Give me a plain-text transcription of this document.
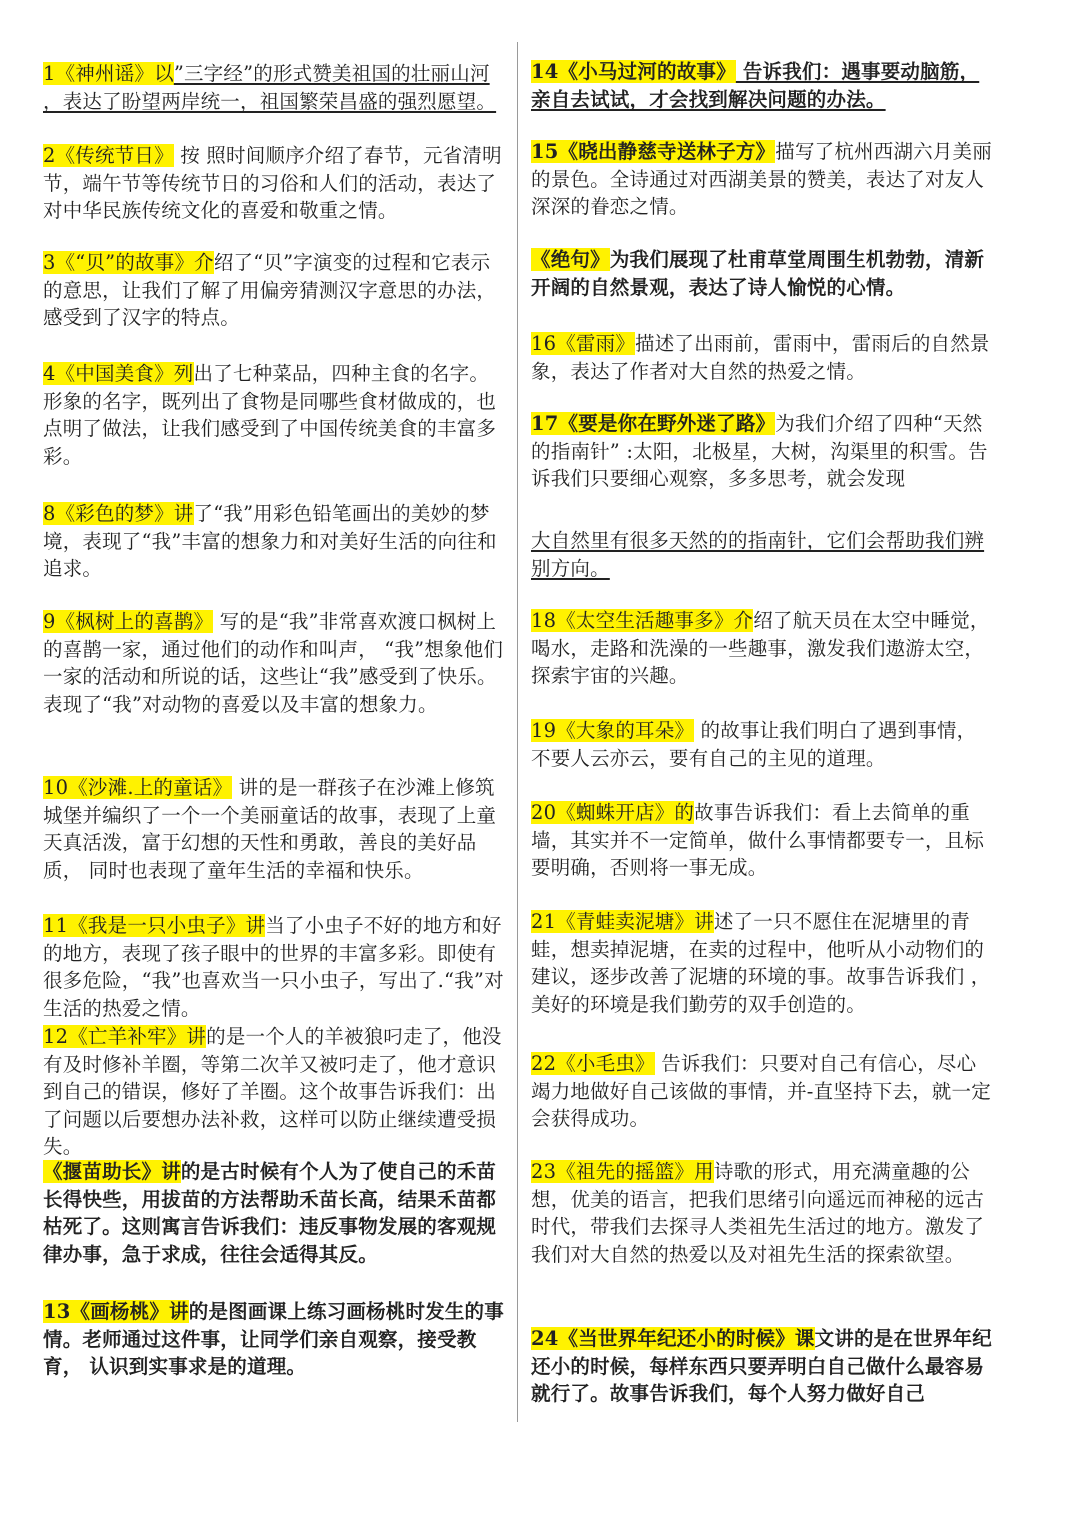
1《神州谣》以”三字经”的形式赞美祖国的壮丽山河 ，表达了盼望两岸统一，祖国繁荣昌盛的强烈愿望。
2《传统节日》 按 照时间顺序介绍了春节，元省清明节，端午节等传统节日的习俗和人们的活动，表达了对中华民族传统文化的喜爱和敬重之情。
3《“贝”的故事》介绍了“贝”字演变的过程和它表示的意思，让我们了解了用偏旁猜测汉字意思的办法，感受到了汉字的特点。
4《中国美食》列出了七种菜品，四种主食的名字。形象的名字，既列出了食物是同哪些食材做成的，也点明了做法，让我们感受到了中国传统美食的丰富多彩。
8《彩色的梦》讲了“我”用彩色铅笔画出的美妙的梦境，表现了“我”丰富的想象力和对美好生活的向往和追求。
9《枫树上的喜鹊》 写的是“我”非常喜欢渡口枫树上的喜鹊一家，通过他们的动作和叫声， “我”想象他们一家的活动和所说的话，这些让“我”感受到了快乐。表现了“我”对动物的喜爱以及丰富的想象力。
10《沙滩.上的童话》 讲的是一群孩子在沙滩上修筑城堡并编织了一个一个美丽童话的故事，表现了上童天真活泼，富于幻想的天性和勇敢，善良的美好品质， 同时也表现了童年生活的幸福和快乐。
11《我是一只小虫子》讲当了小虫子不好的地方和好的地方，表现了孩子眼中的世界的丰富多彩。即使有很多危险，“我”也喜欢当一只小虫子，写出了.“我”对生活的热爱之情。
12《亡羊补牢》讲的是一个人的羊被狼叼走了，他没有及时修补羊圈，等第二次羊又被叼走了，他才意识到自己的错误，修好了羊圈。这个故事告诉我们：出了问题以后要想办法补救，这样可以防止继续遭受损失。
《揠苗助长》讲的是古时候有个人为了使自己的禾苗长得快些，用拔苗的方法帮助禾苗长高，结果禾苗都枯死了。这则寓言告诉我们：违反事物发展的客观规律办事，急于求成，往往会适得其反。
13《画杨桃》讲的是图画课上练习画杨桃时发生的事情。老师通过这件事，让同学们亲自观察，接受教育， 认识到实事求是的道理。
14《小马过河的故事》 告诉我们：遇事要动脑筋，亲自去试试，才会找到解决问题的办法。
15《晓出静慈寺送林子方》描写了杭州西湖六月美丽的景色。全诗通过对西湖美景的赞美，表达了对友人深深的眷恋之情。
《绝句》为我们展现了杜甫草堂周围生机勃勃，清新开阔的自然景观，表达了诗人愉悦的心情。
16《雷雨》描述了出雨前，雷雨中，雷雨后的自然景象，表达了作者对大自然的热爱之情。
17《要是你在野外迷了路》为我们介绍了四种“天然的指南针” :太阳，北极星，大树，沟渠里的积雪。告诉我们只要细心观察，多多思考，就会发现
大自然里有很多天然的的指南针，它们会帮助我们辨别方向。
18《太空生活趣事多》介绍了航天员在太空中睡觉，喝水，走路和洗澡的一些趣事，激发我们遨游太空，探索宇宙的兴趣。
19《大象的耳朵》 的故事让我们明白了遇到事情，不要人云亦云，要有自己的主见的道理。
20《蜘蛛开店》的故事告诉我们：看上去简单的重墙，其实并不一定简单，做什么事情都要专一，且标要明确，否则将一事无成。
21《青蛙卖泥塘》讲述了一只不愿住在泥塘里的青蛙，想卖掉泥塘，在卖的过程中，他听从小动物们的建议，逐步改善了泥塘的环境的事。故事告诉我们 ，美好的环境是我们勤劳的双手创造的。
22《小毛虫》 告诉我们：只要对自己有信心，尽心竭力地做好自己该做的事情，并-直坚持下去，就一定会获得成功。
23《祖先的摇篮》用诗歌的形式，用充满童趣的公想，优美的语言，把我们思绪引向遥远而神秘的远古时代，带我们去探寻人类祖先生活过的地方。激发了我们对大自然的热爱以及对祖先生活的探索欲望。
24《当世界年纪还小的时候》课文讲的是在世界年纪还小的时候，每样东西只要弄明白自己做什么最容易就行了。故事告诉我们，每个人努力做好自己
